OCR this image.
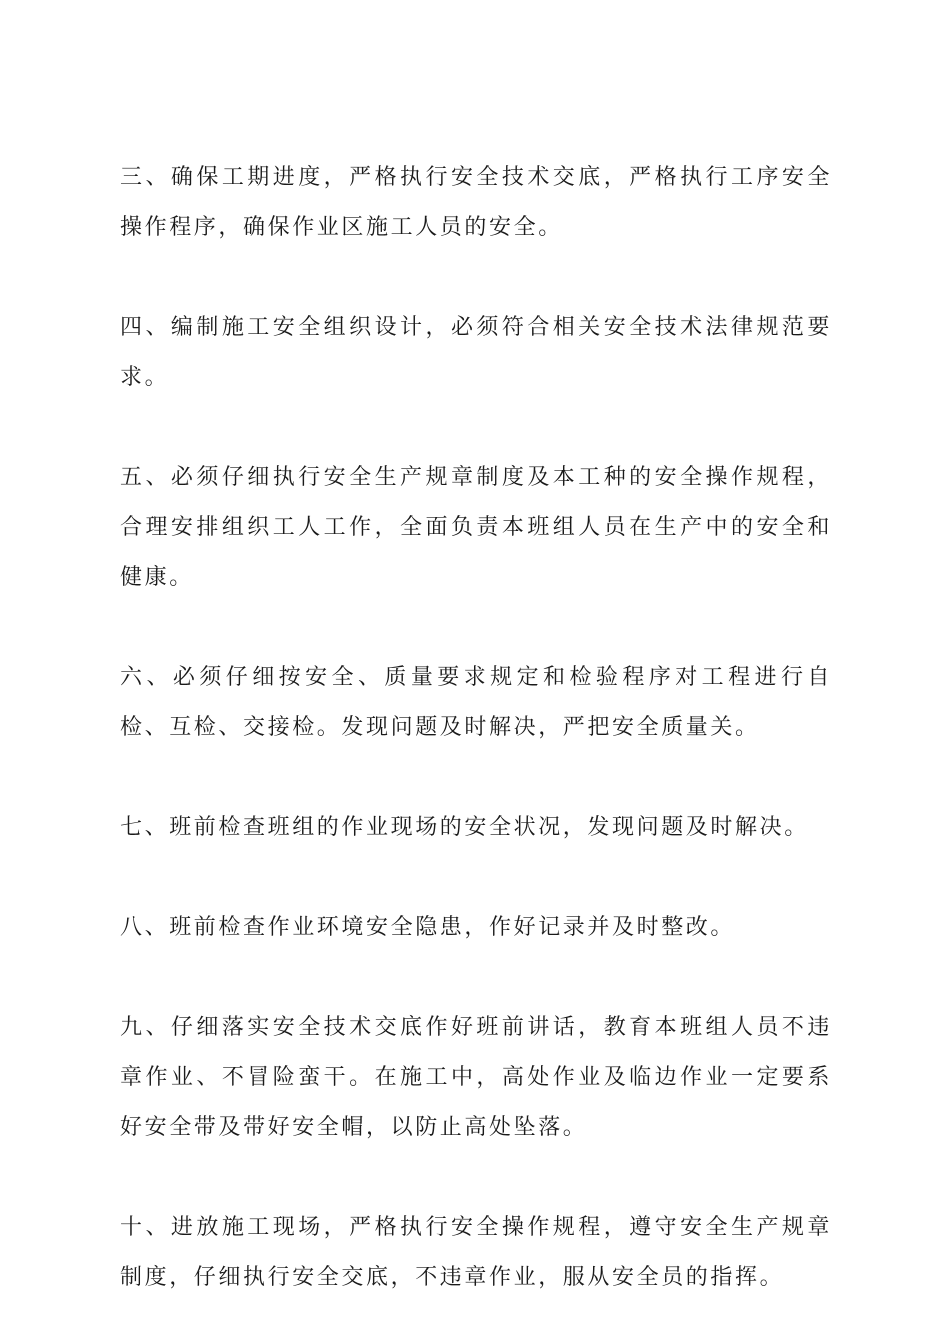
三、确保工期进度，严格执行安全技术交底，严格执行工序安全操作程序，确保作业区施工人员的安全。

四、编制施工安全组织设计，必须符合相关安全技术法律规范要求。

五、必须仔细执行安全生产规章制度及本工种的安全操作规程，合理安排组织工人工作，全面负责本班组人员在生产中的安全和健康。

六、必须仔细按安全、质量要求规定和检验程序对工程进行自检、互检、交接检。发现问题及时解决，严把安全质量关。

七、班前检查班组的作业现场的安全状况，发现问题及时解决。

八、班前检查作业环境安全隐患，作好记录并及时整改。

九、仔细落实安全技术交底作好班前讲话，教育本班组人员不违章作业、不冒险蛮干。在施工中，高处作业及临边作业一定要系好安全带及带好安全帽，以防止高处坠落。

十、进放施工现场，严格执行安全操作规程，遵守安全生产规章制度，仔细执行安全交底，不违章作业，服从安全员的指挥。
